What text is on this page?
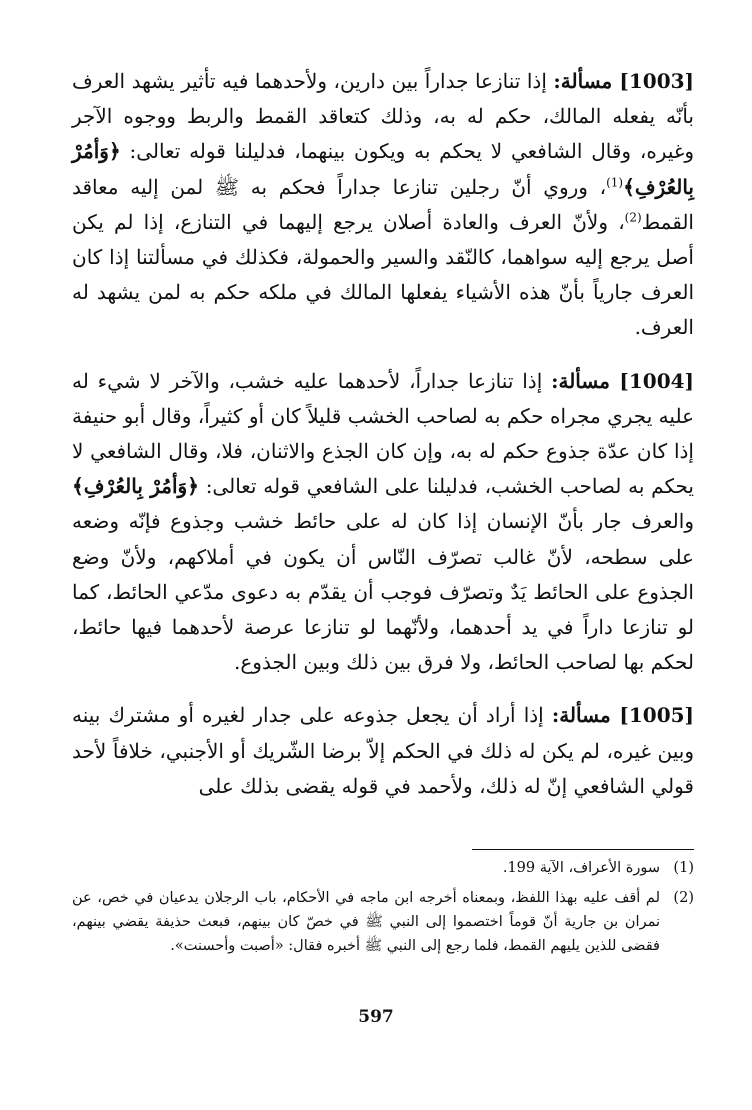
[1003] مسألة: إذا تنازعا جداراً بين دارين، ولأحدهما فيه تأثير يشهد العرف بأنّه يفعله المالك، حكم له به، وذلك كتعاقد القمط والربط ووجوه الآجر وغيره، وقال الشافعي لا يحكم به ويكون بينهما، فدليلنا قوله تعالى: ﴿وَأمُرْ بِالعُرْفِ﴾$^{(1)}$، وروي أنّ رجلين تنازعا جداراً فحكم به ﷺ لمن إليه معاقد القمط$^{(2)}$، ولأنّ العرف والعادة أصلان يرجع إليهما في التنازع، إذا لم يكن أصل يرجع إليه سواهما، كالنّقد والسير والحمولة، فكذلك في مسألتنا إذا كان العرف جارياً بأنّ هذه الأشياء يفعلها المالك في ملكه حكم به لمن يشهد له العرف.

[1004] مسألة: إذا تنازعا جداراً، لأحدهما عليه خشب، والآخر لا شيء له عليه يجري مجراه حكم به لصاحب الخشب قليلاً كان أو كثيراً، وقال أبو حنيفة إذا كان عدّة جذوع حكم له به، وإن كان الجذع والاثنان، فلا، وقال الشافعي لا يحكم به لصاحب الخشب، فدليلنا على الشافعي قوله تعالى: ﴿وَأمُرْ بِالعُرْفِ﴾ والعرف جار بأنّ الإنسان إذا كان له على حائط خشب وجذوع فإنّه وضعه على سطحه، لأنّ غالب تصرّف النّاس أن يكون في أملاكهم، ولأنّ وضع الجذوع على الحائط يَدٌ وتصرّف فوجب أن يقدّم به دعوى مدّعي الحائط، كما لو تنازعا داراً في يد أحدهما، ولأنّهما لو تنازعا عرصة لأحدهما فيها حائط، لحكم بها لصاحب الحائط، ولا فرق بين ذلك وبين الجذوع.

[1005] مسألة: إذا أراد أن يجعل جذوعه على جدار لغيره أو مشترك بينه وبين غيره، لم يكن له ذلك في الحكم إلاّ برضا الشّريك أو الأجنبي، خلافاً لأحد قولي الشافعي إنّ له ذلك، ولأحمد في قوله يقضى بذلك على

(1)
سورة الأعراف، الآية 199.
(2)
لم أقف عليه بهذا اللفظ، وبمعناه أخرجه ابن ماجه في الأحكام، باب الرجلان يدعيان في خص، عن نمران بن جارية أنّ قوماً اختصموا إلى النبي ﷺ في خصّ كان بينهم، فبعث حذيفة يقضي بينهم، فقضى للذين يليهم القمط، فلما رجع إلى النبي ﷺ أخبره فقال: «أصبت وأحسنت».
597
